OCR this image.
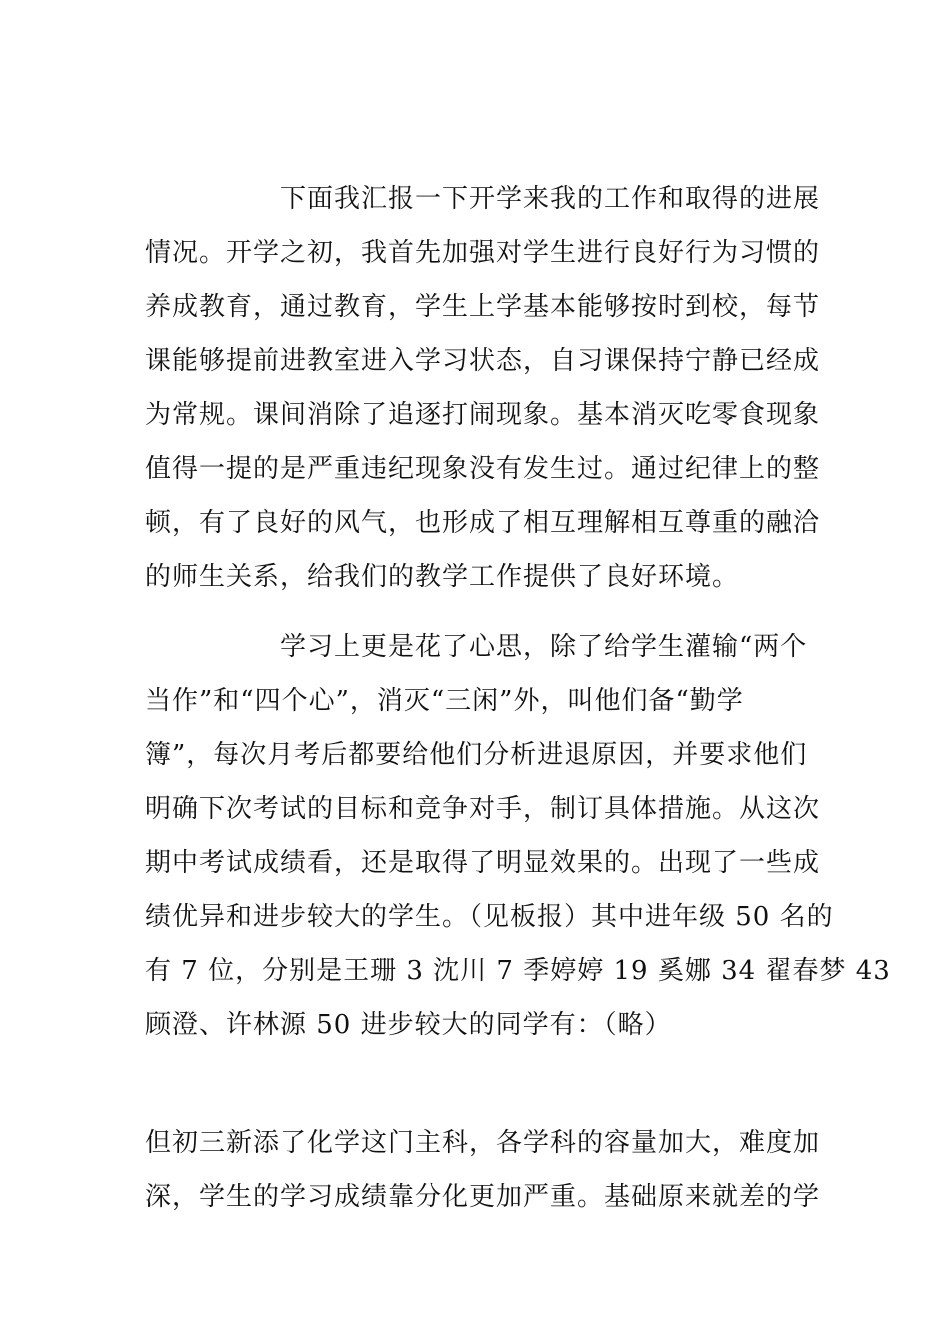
下面我汇报一下开学来我的工作和取得的进展
情况。开学之初，我首先加强对学生进行良好行为习惯的
养成教育，通过教育，学生上学基本能够按时到校，每节
课能够提前进教室进入学习状态，自习课保持宁静已经成
为常规。课间消除了追逐打闹现象。基本消灭吃零食现象
值得一提的是严重违纪现象没有发生过。通过纪律上的整
顿，有了良好的风气，也形成了相互理解相互尊重的融洽
的师生关系，给我们的教学工作提供了良好环境。
学习上更是花了心思，除了给学生灌输“两个
当作”和“四个心”，消灭“三闲”外，叫他们备“勤学
簿”，每次月考后都要给他们分析进退原因，并要求他们
明确下次考试的目标和竞争对手，制订具体措施。从这次
期中考试成绩看，还是取得了明显效果的。出现了一些成
绩优异和进步较大的学生。（见板报）其中进年级 50 名的
有 7 位，分别是王珊 3 沈川 7 季婷婷 19 奚娜 34 翟春梦 43
顾澄、许林源 50 进步较大的同学有：（略）
但初三新添了化学这门主科，各学科的容量加大，难度加
深，学生的学习成绩靠分化更加严重。基础原来就差的学
